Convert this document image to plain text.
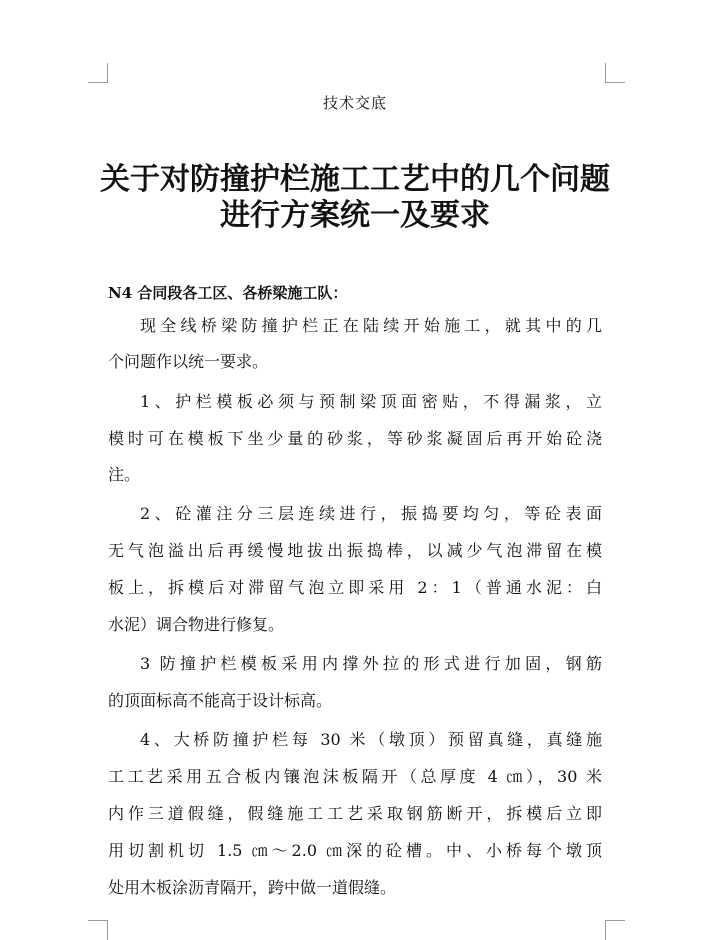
技术交底
关于对防撞护栏施工工艺中的几个问题
进行方案统一及要求
N4 合同段各工区、各桥梁施工队：
现全线桥梁防撞护栏正在陆续开始施工，就其中的几
个问题作以统一要求。
1、护栏模板必须与预制梁顶面密贴，不得漏浆，立
模时可在模板下坐少量的砂浆，等砂浆凝固后再开始砼浇
注。
2、砼灌注分三层连续进行，振捣要均匀，等砼表面
无气泡溢出后再缓慢地拔出振捣棒，以减少气泡滞留在模
板上，拆模后对滞留气泡立即采用 2：1（普通水泥：白
水泥）调合物进行修复。
3 防撞护栏模板采用内撑外拉的形式进行加固，钢筋
的顶面标高不能高于设计标高。
4、大桥防撞护栏每 30 米（墩顶）预留真缝，真缝施
工工艺采用五合板内镶泡沫板隔开（总厚度 4 ㎝），30 米
内作三道假缝，假缝施工工艺采取钢筋断开，拆模后立即
用切割机切 1.5 ㎝～2.0 ㎝深的砼槽。中、小桥每个墩顶
处用木板涂沥青隔开，跨中做一道假缝。
